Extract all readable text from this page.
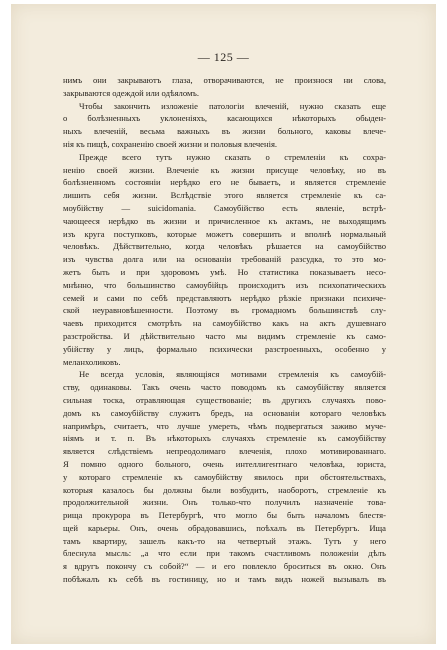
— 125 —
нимъ они закрываютъ глаза, отворачиваются, не произнося ни слова,
закрываются одеждой или одѣяломъ.
Чтобы закончить изложеніе патологіи влеченій, нужно сказать еще
о болѣзненныхъ уклоненіяхъ, касающихся нѣкоторыхъ обыден-
ныхъ влеченій, весьма важныхъ въ жизни больного, каковы влече-
нія къ пищѣ, сохраненію своей жизни и половыя влеченія.
Прежде всего тутъ нужно сказать о стремленіи къ сохра-
ненію своей жизни. Влеченіе къ жизни присуще человѣку, но въ
болѣзненномъ состояніи нерѣдко его не бываетъ, и является стремленіе
лишить себя жизни. Вслѣдствіе этого является стремленіе къ са-
моубійству — suicidomania. Самоубійство есть явленіе, встрѣ-
чающееся нерѣдко въ жизни и причисленное къ актамъ, не выходящимъ
изъ круга поступковъ, которые можетъ совершить и вполнѣ нормальный
человѣкъ. Дѣйствительно, когда человѣкъ рѣшается на самоубійство
изъ чувства долга или на основаніи требованій разсудка, то это мо-
жетъ быть и при здоровомъ умѣ. Но статистика показываетъ несо-
мнѣнно, что большинство самоубійцъ происходитъ изъ психопатическихъ
семей и сами по себѣ представляютъ нерѣдко рѣзкіе признаки психиче-
ской неуравновѣшенности. Поэтому въ громадномъ большинствѣ слу-
чаевъ приходится смотрѣть на самоубійство какъ на актъ душевнаго
разстройства. И дѣйствительно часто мы видимъ стремленіе къ само-
убійству у лицъ, формально психически разстроенныхъ, особенно у
меланхоликовъ.
Не всегда условія, являющіяся мотивами стремленія къ самоубій-
ству, одинаковы. Такъ очень часто поводомъ къ самоубійству является
сильная тоска, отравляющая существованіе; въ другихъ случаяхъ пово-
домъ къ самоубійству служитъ бредъ, на основаніи котораго человѣкъ
напримѣръ, считаетъ, что лучше умереть, чѣмъ подвергаться заживо муче-
ніямъ и т. п. Въ нѣкоторыхъ случаяхъ стремленіе къ самоубійству
является слѣдствіемъ непреодолимаго влеченія, плохо мотивированнаго.
Я помню одного больного, очень интеллигентнаго человѣка, юриста,
у котораго стремленіе къ самоубійству явилось при обстоятельствахъ,
которыя казалось бы должны были возбудить, наоборотъ, стремленіе къ
продолжительной жизни. Онъ только-что получилъ назначеніе това-
рища прокурора въ Петербургѣ, что могло бы быть началомъ блестя-
щей карьеры. Онъ, очень обрадовавшись, поѣхалъ въ Петербургъ. Ища
тамъ квартиру, зашелъ какъ-то на четвертый этажъ. Тутъ у него
блеснула мысль: „а что если при такомъ счастливомъ положеніи дѣлъ
я вдругъ покончу съ собой?“ — и его повлекло броситься въ окно. Онъ
побѣжалъ къ себѣ въ гостиницу, но и тамъ видъ ножей вызывалъ въ
